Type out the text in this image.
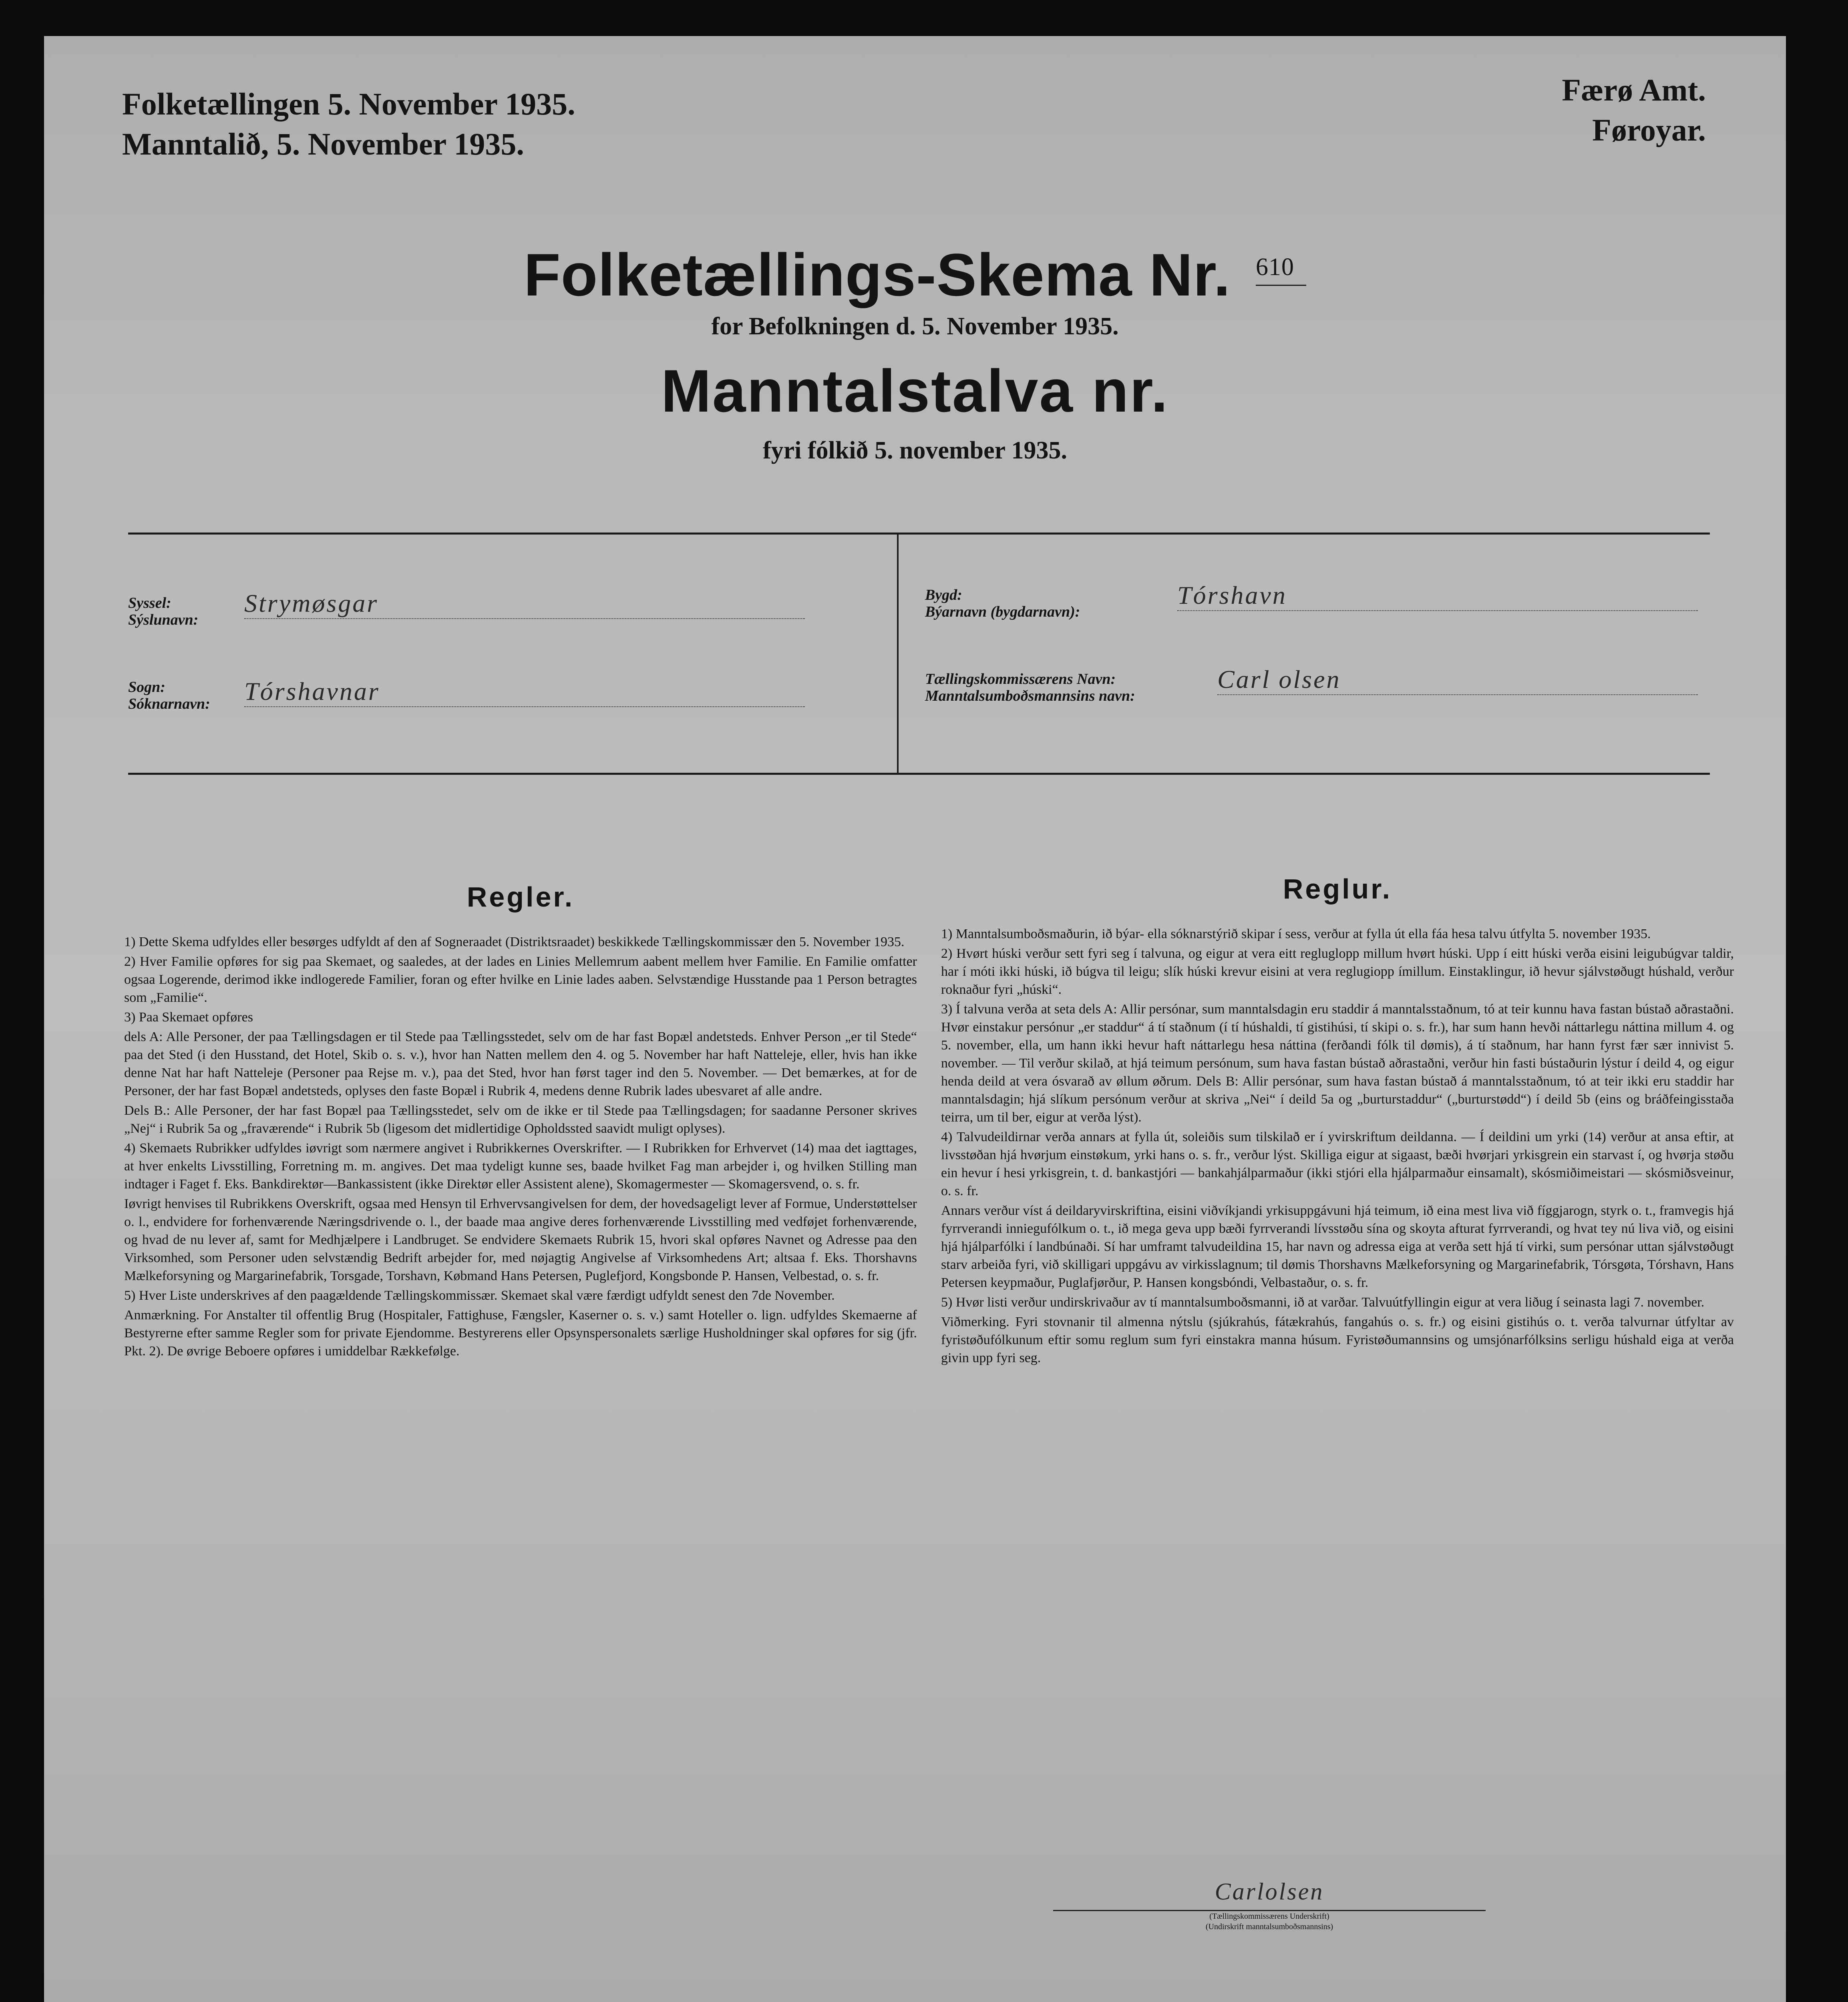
Folketællingen 5. November 1935.
Manntalið, 5. November 1935.
Færø Amt.
Føroyar.
Folketællings-Skema Nr. $^{610}$
for Befolkningen d. 5. November 1935.
Manntalstalva nr.
fyri fólkið 5. november 1935.
Syssel:
Sýslunavn:
Strymøsgar
Sogn:
Sóknarnavn: Tórshavnar
Bygd:
Býarnavn (bygdarnavn):
Tórshavn
Tællingskommissærens Navn:
Manntalsumboðsmannsins navn:
Carl olsen
Regler.

1) Dette Skema udfyldes eller besørges udfyldt af den af Sogneraadet (Distriktsraadet) beskikkede Tællingskommissær den 5. November 1935.

2) Hver Familie opføres for sig paa Skemaet, og saaledes, at der lades en Linies Mellemrum aabent mellem hver Familie. En Familie omfatter ogsaa Logerende, derimod ikke indlogerede Familier, foran og efter hvilke en Linie lades aaben. Selvstændige Husstande paa 1 Person betragtes som „Familie“.

3) Paa Skemaet opføres

dels A: Alle Personer, der paa Tællingsdagen er til Stede paa Tællingsstedet, selv om de har fast Bopæl andetsteds. Enhver Person „er til Stede“ paa det Sted (i den Husstand, det Hotel, Skib o. s. v.), hvor han Natten mellem den 4. og 5. November har haft Natteleje, eller, hvis han ikke denne Nat har haft Natteleje (Personer paa Rejse m. v.), paa det Sted, hvor han først tager ind den 5. November. — Det bemærkes, at for de Personer, der har fast Bopæl andetsteds, oplyses den faste Bopæl i Rubrik 4, medens denne Rubrik lades ubesvaret af alle andre.

Dels B.: Alle Personer, der har fast Bopæl paa Tællingsstedet, selv om de ikke er til Stede paa Tællingsdagen; for saadanne Personer skrives „Nej“ i Rubrik 5a og „fraværende“ i Rubrik 5b (ligesom det midlertidige Opholdssted saavidt muligt oplyses).

4) Skemaets Rubrikker udfyldes iøvrigt som nærmere angivet i Rubrikkernes Overskrifter. — I Rubrikken for Erhvervet (14) maa det iagttages, at hver enkelts Livsstilling, Forretning m. m. angives. Det maa tydeligt kunne ses, baade hvilket Fag man arbejder i, og hvilken Stilling man indtager i Faget f. Eks. Bankdirektør—Bankassistent (ikke Direktør eller Assistent alene), Skomagermester — Skomagersvend, o. s. fr.

Iøvrigt henvises til Rubrikkens Overskrift, ogsaa med Hensyn til Erhvervsangivelsen for dem, der hovedsageligt lever af Formue, Understøttelser o. l., endvidere for forhenværende Næringsdrivende o. l., der baade maa angive deres forhenværende Livsstilling med vedføjet forhenværende, og hvad de nu lever af, samt for Medhjælpere i Landbruget. Se endvidere Skemaets Rubrik 15, hvori skal opføres Navnet og Adresse paa den Virksomhed, som Personer uden selvstændig Bedrift arbejder for, med nøjagtig Angivelse af Virksomhedens Art; altsaa f. Eks. Thorshavns Mælkeforsyning og Margarinefabrik, Torsgade, Torshavn, Købmand Hans Petersen, Puglefjord, Kongsbonde P. Hansen, Velbestad, o. s. fr.

5) Hver Liste underskrives af den paagældende Tællingskommissær. Skemaet skal være færdigt udfyldt senest den 7de November.

Anmærkning. For Anstalter til offentlig Brug (Hospitaler, Fattighuse, Fængsler, Kaserner o. s. v.) samt Hoteller o. lign. udfyldes Skemaerne af Bestyrerne efter samme Regler som for private Ejendomme. Bestyrerens eller Opsynspersonalets særlige Husholdninger skal opføres for sig (jfr. Pkt. 2). De øvrige Beboere opføres i umiddelbar Rækkefølge.

Reglur.

1) Manntalsumboðsmaðurin, ið býar- ella sóknarstýrið skipar í sess, verður at fylla út ella fáa hesa talvu útfylta 5. november 1935.

2) Hvørt húski verður sett fyri seg í talvuna, og eigur at vera eitt regluglopp millum hvørt húski. Upp í eitt húski verða eisini leigubúgvar taldir, har í móti ikki húski, ið búgva til leigu; slík húski krevur eisini at vera reglugiopp ímillum. Einstaklingur, ið hevur sjálvstøðugt húshald, verður roknaður fyri „húski“.

3) Í talvuna verða at seta dels A: Allir persónar, sum manntalsdagin eru staddir á manntalsstaðnum, tó at teir kunnu hava fastan bústað aðrastaðni. Hvør einstakur persónur „er staddur“ á tí staðnum (í tí húshaldi, tí gistihúsi, tí skipi o. s. fr.), har sum hann hevði náttarlegu náttina millum 4. og 5. november, ella, um hann ikki hevur haft náttarlegu hesa náttina (ferðandi fólk til dømis), á tí staðnum, har hann fyrst fær sær innivist 5. november. — Til verður skilað, at hjá teimum persónum, sum hava fastan bústað aðrastaðni, verður hin fasti bústaðurin lýstur í deild 4, og eigur henda deild at vera ósvarað av øllum øðrum. Dels B: Allir persónar, sum hava fastan bústað á manntalsstaðnum, tó at teir ikki eru staddir har manntalsdagin; hjá slíkum persónum verður at skriva „Nei“ í deild 5a og „burturstaddur“ („burturstødd“) í deild 5b (eins og bráðfeingisstaða teirra, um til ber, eigur at verða lýst).

4) Talvudeildirnar verða annars at fylla út, soleiðis sum tilskilað er í yvirskriftum deildanna. — Í deildini um yrki (14) verður at ansa eftir, at livsstøðan hjá hvørjum einstøkum, yrki hans o. s. fr., verður lýst. Skilliga eigur at sigaast, bæði hvørjari yrkisgrein ein starvast í, og hvørja støðu ein hevur í hesi yrkisgrein, t. d. bankastjóri — bankahjálparmaður (ikki stjóri ella hjálparmaður einsamalt), skósmiðimeistari — skósmiðsveinur, o. s. fr.

Annars verður víst á deildaryvirskriftina, eisini viðvíkjandi yrkisuppgávuni hjá teimum, ið eina mest liva við fíggjarogn, styrk o. t., framvegis hjá fyrrverandi inniegufólkum o. t., ið mega geva upp bæði fyrrverandi lívsstøðu sína og skoyta afturat fyrrverandi, og hvat tey nú liva við, og eisini hjá hjálparfólki í landbúnaði. Sí har umframt talvudeildina 15, har navn og adressa eiga at verða sett hjá tí virki, sum persónar uttan sjálvstøðugt starv arbeiða fyri, við skilligari uppgávu av virkisslagnum; til dømis Thorshavns Mælkeforsyning og Margarinefabrik, Tórsgøta, Tórshavn, Hans Petersen keypmaður, Puglafjørður, P. Hansen kongsbóndi, Velbastaður, o. s. fr.

5) Hvør listi verður undirskrivaður av tí manntalsumboðsmanni, ið at varðar. Talvuútfyllingin eigur at vera liðug í seinasta lagi 7. november.

Viðmerking. Fyri stovnanir til almenna nýtslu (sjúkrahús, fátækrahús, fangahús o. s. fr.) og eisini gistihús o. t. verða talvurnar útfyltar av fyristøðufólkunum eftir somu reglum sum fyri einstakra manna húsum. Fyristøðumannsins og umsjónarfólksins serligu húshald eiga at verða givin upp fyri seg.

Carlolsen
(Tællingskommissærens Underskrift)
(Undirskrift manntalsumboðsmannsins)
